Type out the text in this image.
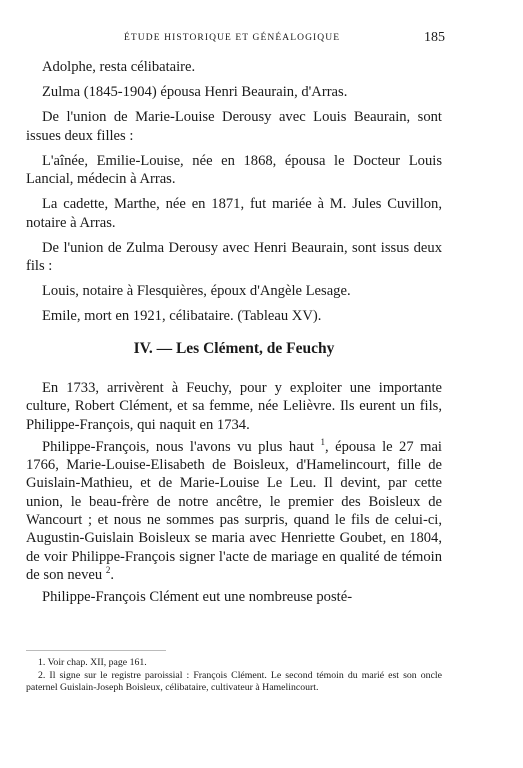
ÉTUDE HISTORIQUE ET GÉNÉALOGIQUE	185

Adolphe, resta célibataire.

Zulma (1845-1904) épousa Henri Beaurain, d'Arras.

De l'union de Marie-Louise Derousy avec Louis Beaurain, sont issues deux filles :

L'aînée, Emilie-Louise, née en 1868, épousa le Docteur Louis Lancial, médecin à Arras.

La cadette, Marthe, née en 1871, fut mariée à M. Jules Cuvillon, notaire à Arras.

De l'union de Zulma Derousy avec Henri Beaurain, sont issus deux fils :

Louis, notaire à Flesquières, époux d'Angèle Lesage.

Emile, mort en 1921, célibataire. (Tableau XV).

IV. — Les Clément, de Feuchy

En 1733, arrivèrent à Feuchy, pour y exploiter une importante culture, Robert Clément, et sa femme, née Lelièvre. Ils eurent un fils, Philippe-François, qui naquit en 1734.

Philippe-François, nous l'avons vu plus haut $^1$, épousa le 27 mai 1766, Marie-Louise-Elisabeth de Boisleux, d'Hamelincourt, fille de Guislain-Mathieu, et de Marie-Louise Le Leu. Il devint, par cette union, le beau-frère de notre ancêtre, le premier des Boisleux de Wancourt ; et nous ne sommes pas surpris, quand le fils de celui-ci, Augustin-Guislain Boisleux se maria avec Henriette Goubet, en 1804, de voir Philippe-François signer l'acte de mariage en qualité de témoin de son neveu $^2$.

Philippe-François Clément eut une nombreuse posté-

1. Voir chap. XII, page 161.

2. Il signe sur le registre paroissial : François Clément. Le second témoin du marié est son oncle paternel Guislain-Joseph Boisleux, célibataire, cultivateur à Hamelincourt.
